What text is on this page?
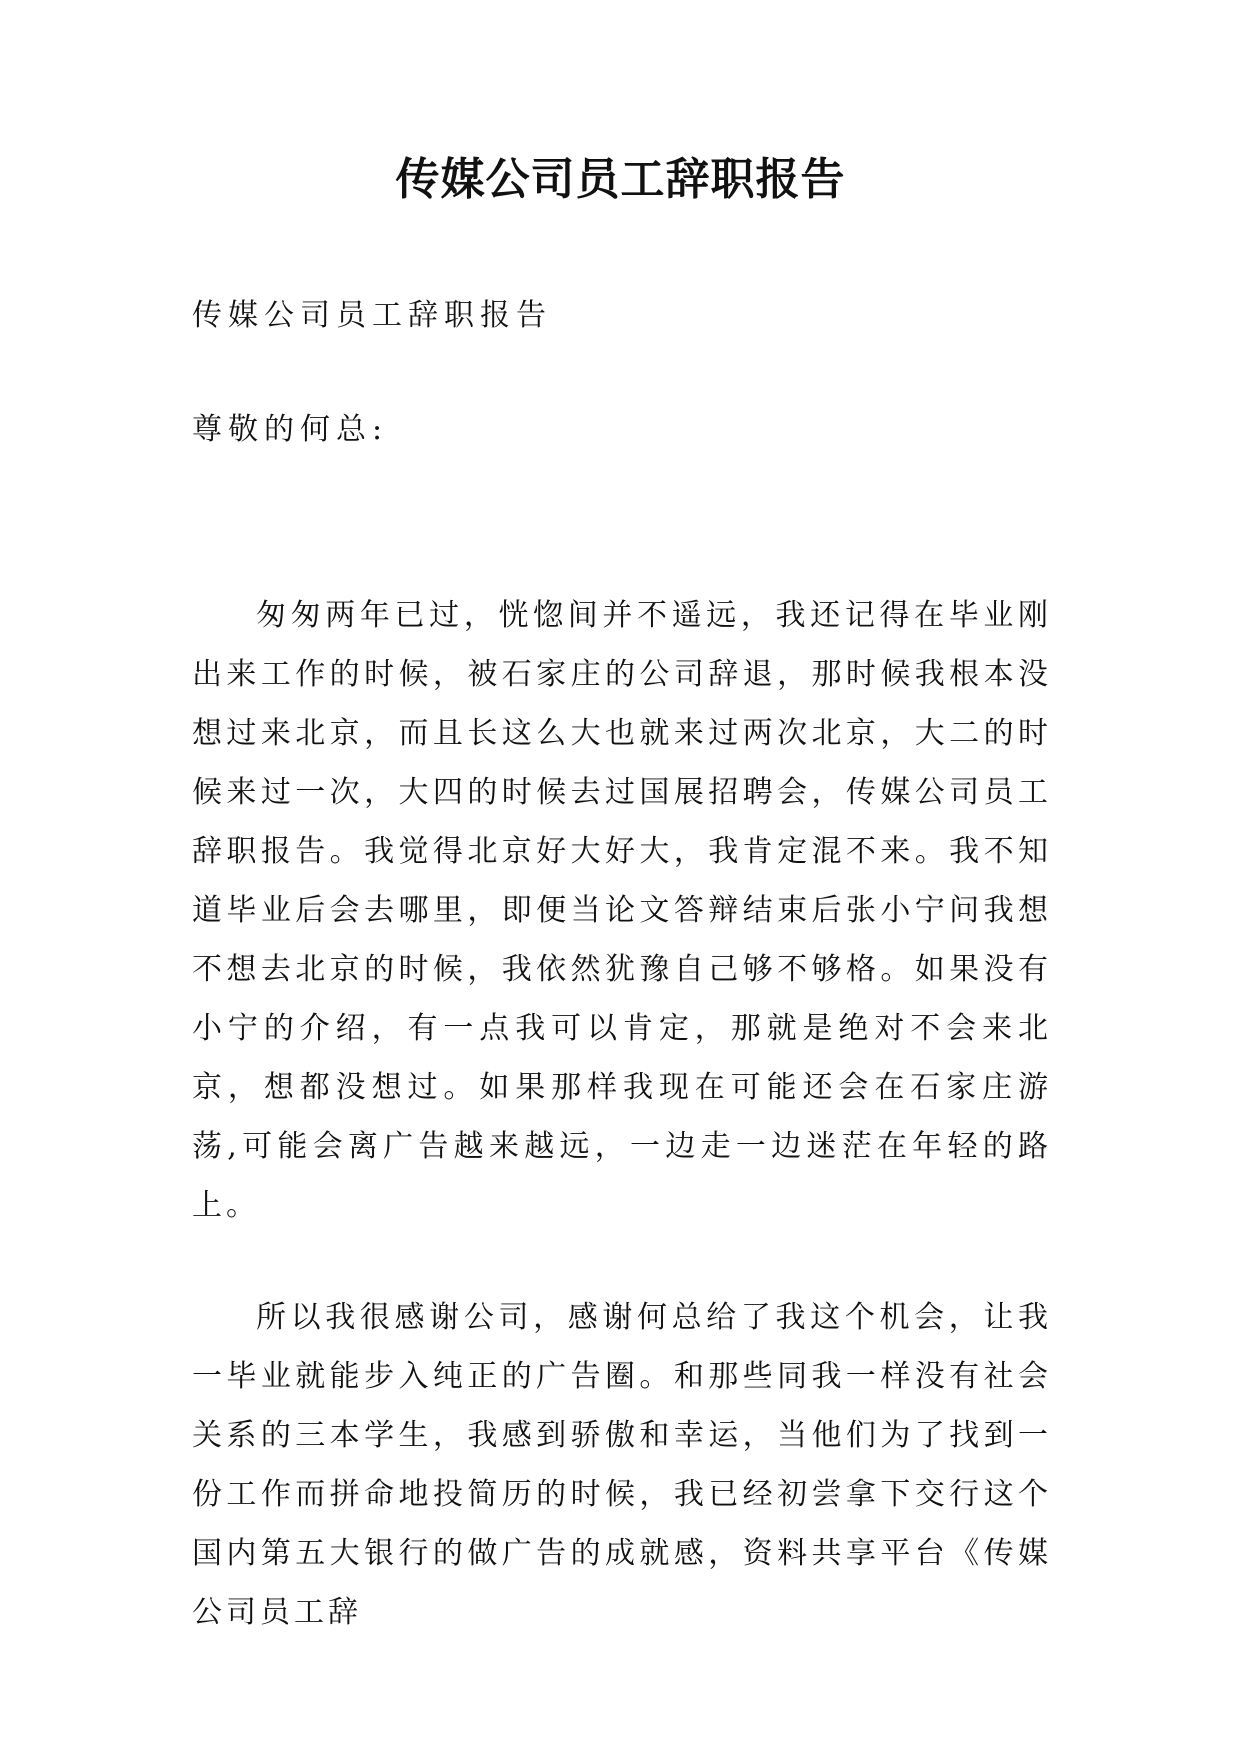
传媒公司员工辞职报告
传媒公司员工辞职报告
尊敬的何总:
匆匆两年已过，恍惚间并不遥远，我还记得在毕业刚出来工作的时候，被石家庄的公司辞退，那时候我根本没想过来北京，而且长这么大也就来过两次北京，大二的时候来过一次，大四的时候去过国展招聘会，传媒公司员工辞职报告。我觉得北京好大好大，我肯定混不来。我不知道毕业后会去哪里，即便当论文答辩结束后张小宁问我想不想去北京的时候，我依然犹豫自己够不够格。如果没有小宁的介绍，有一点我可以肯定，那就是绝对不会来北京，想都没想过。如果那样我现在可能还会在石家庄游荡,可能会离广告越来越远，一边走一边迷茫在年轻的路上。
所以我很感谢公司，感谢何总给了我这个机会，让我一毕业就能步入纯正的广告圈。和那些同我一样没有社会关系的三本学生，我感到骄傲和幸运，当他们为了找到一份工作而拼命地投简历的时候，我已经初尝拿下交行这个国内第五大银行的做广告的成就感，资料共享平台《传媒公司员工辞
